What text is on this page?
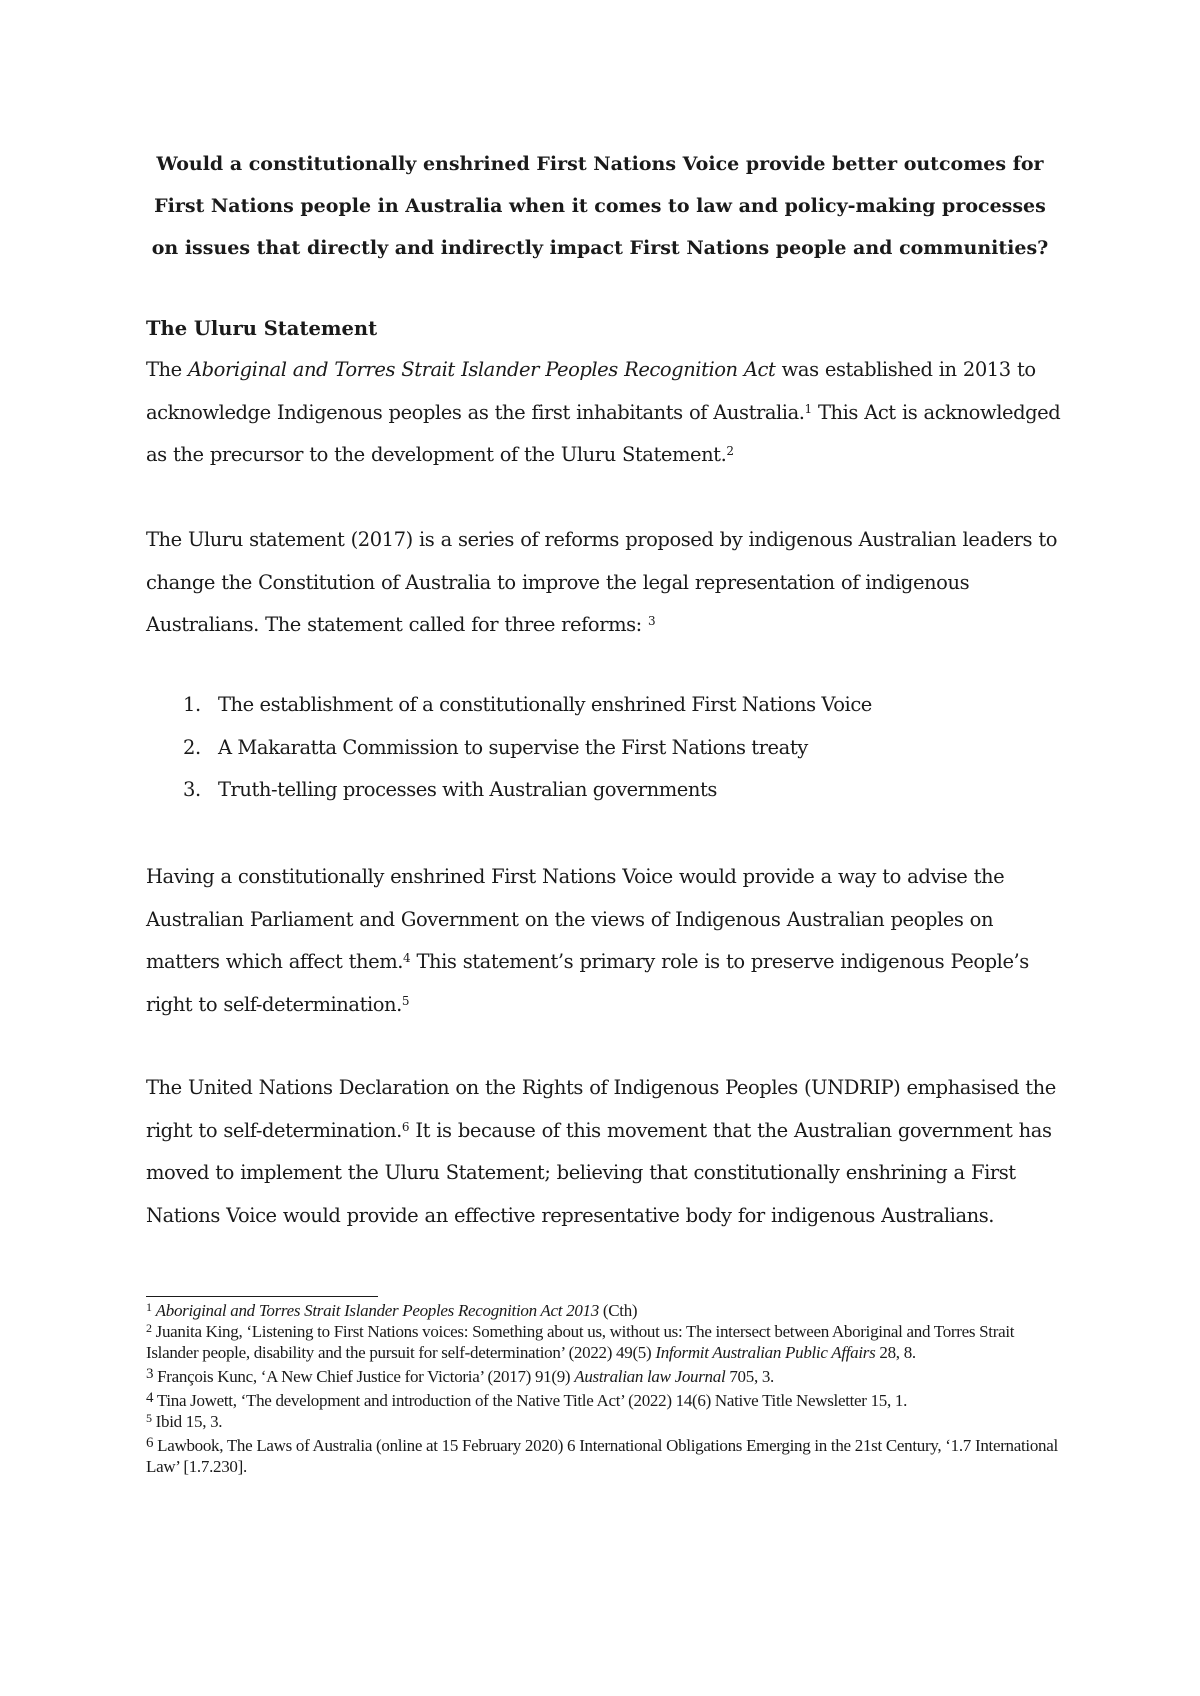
Would a constitutionally enshrined First Nations Voice provide better outcomes for First Nations people in Australia when it comes to law and policy-making processes on issues that directly and indirectly impact First Nations people and communities?
The Uluru Statement

The Aboriginal and Torres Strait Islander Peoples Recognition Act was established in 2013 to acknowledge Indigenous peoples as the first inhabitants of Australia.$^1$ This Act is acknowledged as the precursor to the development of the Uluru Statement.$^2$

The Uluru statement (2017) is a series of reforms proposed by indigenous Australian leaders to change the Constitution of Australia to improve the legal representation of indigenous Australians. The statement called for three reforms: $^3$

1. The establishment of a constitutionally enshrined First Nations Voice
2. A Makaratta Commission to supervise the First Nations treaty
3. Truth-telling processes with Australian governments

Having a constitutionally enshrined First Nations Voice would provide a way to advise the Australian Parliament and Government on the views of Indigenous Australian peoples on matters which affect them.$^4$ This statement’s primary role is to preserve indigenous People’s right to self-determination.$^5$

The United Nations Declaration on the Rights of Indigenous Peoples (UNDRIP) emphasised the right to self-determination.$^6$ It is because of this movement that the Australian government has moved to implement the Uluru Statement; believing that constitutionally enshrining a First Nations Voice would provide an effective representative body for indigenous Australians.

$^1$ Aboriginal and Torres Strait Islander Peoples Recognition Act 2013 (Cth)

$^2$ Juanita King, ‘Listening to First Nations voices: Something about us, without us: The intersect between Aboriginal and Torres Strait Islander people, disability and the pursuit for self-determination’ (2022) 49(5) Informit Australian Public Affairs 28, 8.

3 François Kunc, ‘A New Chief Justice for Victoria’ (2017) 91(9) Australian law Journal 705, 3.

4 Tina Jowett, ‘The development and introduction of the Native Title Act’ (2022) 14(6) Native Title Newsletter 15, 1.

$^5$ Ibid 15, 3.

6 Lawbook, The Laws of Australia (online at 15 February 2020) 6 International Obligations Emerging in the 21st Century, ‘1.7 International Law’ [1.7.230].
